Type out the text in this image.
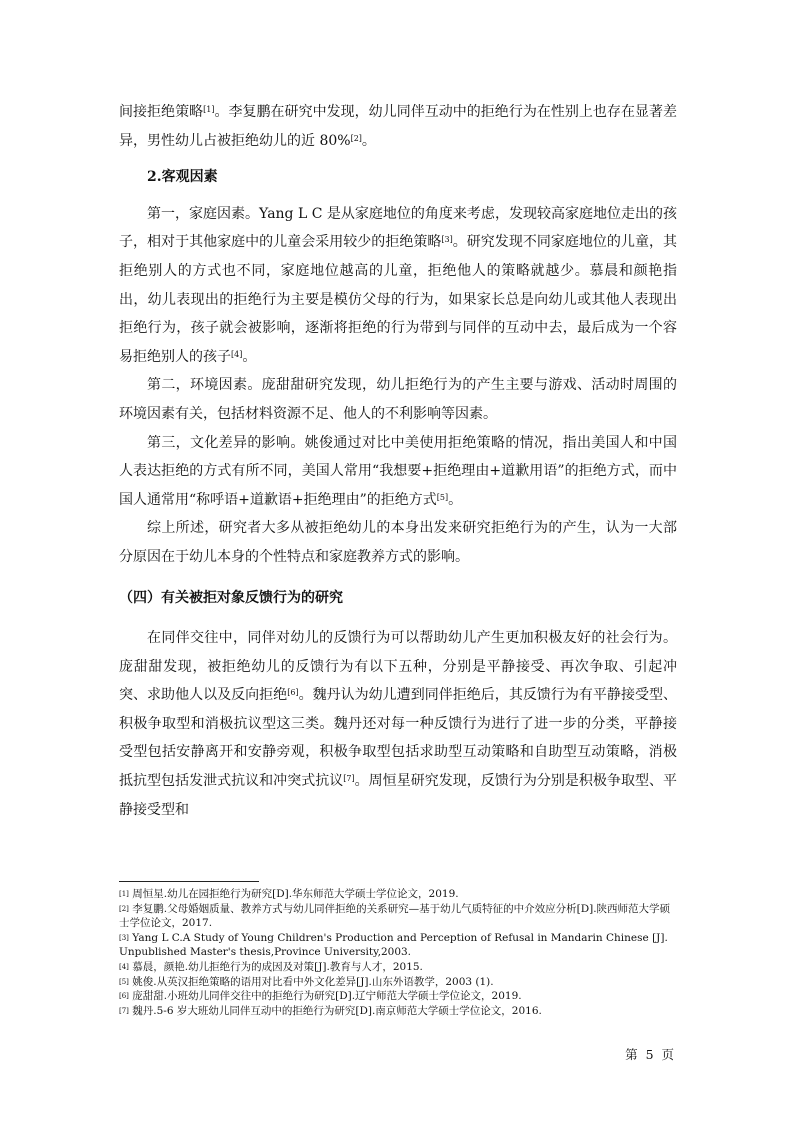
间接拒绝策略[1]。李复鹏在研究中发现，幼儿同伴互动中的拒绝行为在性别上也存在显著差异，男性幼儿占被拒绝幼儿的近 80%[2]。

2.客观因素

第一，家庭因素。Yang L C 是从家庭地位的角度来考虑，发现较高家庭地位走出的孩子，相对于其他家庭中的儿童会采用较少的拒绝策略[3]。研究发现不同家庭地位的儿童，其拒绝别人的方式也不同，家庭地位越高的儿童，拒绝他人的策略就越少。慕晨和颜艳指出，幼儿表现出的拒绝行为主要是模仿父母的行为，如果家长总是向幼儿或其他人表现出拒绝行为，孩子就会被影响，逐渐将拒绝的行为带到与同伴的互动中去，最后成为一个容易拒绝别人的孩子[4]。

第二，环境因素。庞甜甜研究发现，幼儿拒绝行为的产生主要与游戏、活动时周围的环境因素有关，包括材料资源不足、他人的不利影响等因素。

第三，文化差异的影响。姚俊通过对比中美使用拒绝策略的情况，指出美国人和中国人表达拒绝的方式有所不同，美国人常用“我想要+拒绝理由+道歉用语”的拒绝方式，而中国人通常用“称呼语+道歉语+拒绝理由”的拒绝方式[5]。

综上所述，研究者大多从被拒绝幼儿的本身出发来研究拒绝行为的产生，认为一大部分原因在于幼儿本身的个性特点和家庭教养方式的影响。

（四）有关被拒对象反馈行为的研究

在同伴交往中，同伴对幼儿的反馈行为可以帮助幼儿产生更加积极友好的社会行为。庞甜甜发现，被拒绝幼儿的反馈行为有以下五种，分别是平静接受、再次争取、引起冲突、求助他人以及反向拒绝[6]。魏丹认为幼儿遭到同伴拒绝后，其反馈行为有平静接受型、积极争取型和消极抗议型这三类。魏丹还对每一种反馈行为进行了进一步的分类，平静接受型包括安静离开和安静旁观，积极争取型包括求助型互动策略和自助型互动策略，消极抵抗型包括发泄式抗议和冲突式抗议[7]。周恒星研究发现，反馈行为分别是积极争取型、平静接受型和

[1] 周恒星.幼儿在园拒绝行为研究[D].华东师范大学硕士学位论文，2019.

[2] 李复鹏.父母婚姻质量、教养方式与幼儿同伴拒绝的关系研究—基于幼儿气质特征的中介效应分析[D].陕西师范大学硕士学位论文，2017.

[3] Yang L C.A Study of Young Children's Production and Perception of Refusal in Mandarin Chinese [J]. Unpublished Master's thesis,Province University,2003.

[4] 慕晨，颜艳.幼儿拒绝行为的成因及对策[J].教育与人才，2015.

[5] 姚俊.从英汉拒绝策略的语用对比看中外文化差异[J].山东外语教学，2003 (1).

[6] 庞甜甜.小班幼儿同伴交往中的拒绝行为研究[D].辽宁师范大学硕士学位论文，2019.

[7] 魏丹.5-6 岁大班幼儿同伴互动中的拒绝行为研究[D].南京师范大学硕士学位论文，2016.

第 5 页
